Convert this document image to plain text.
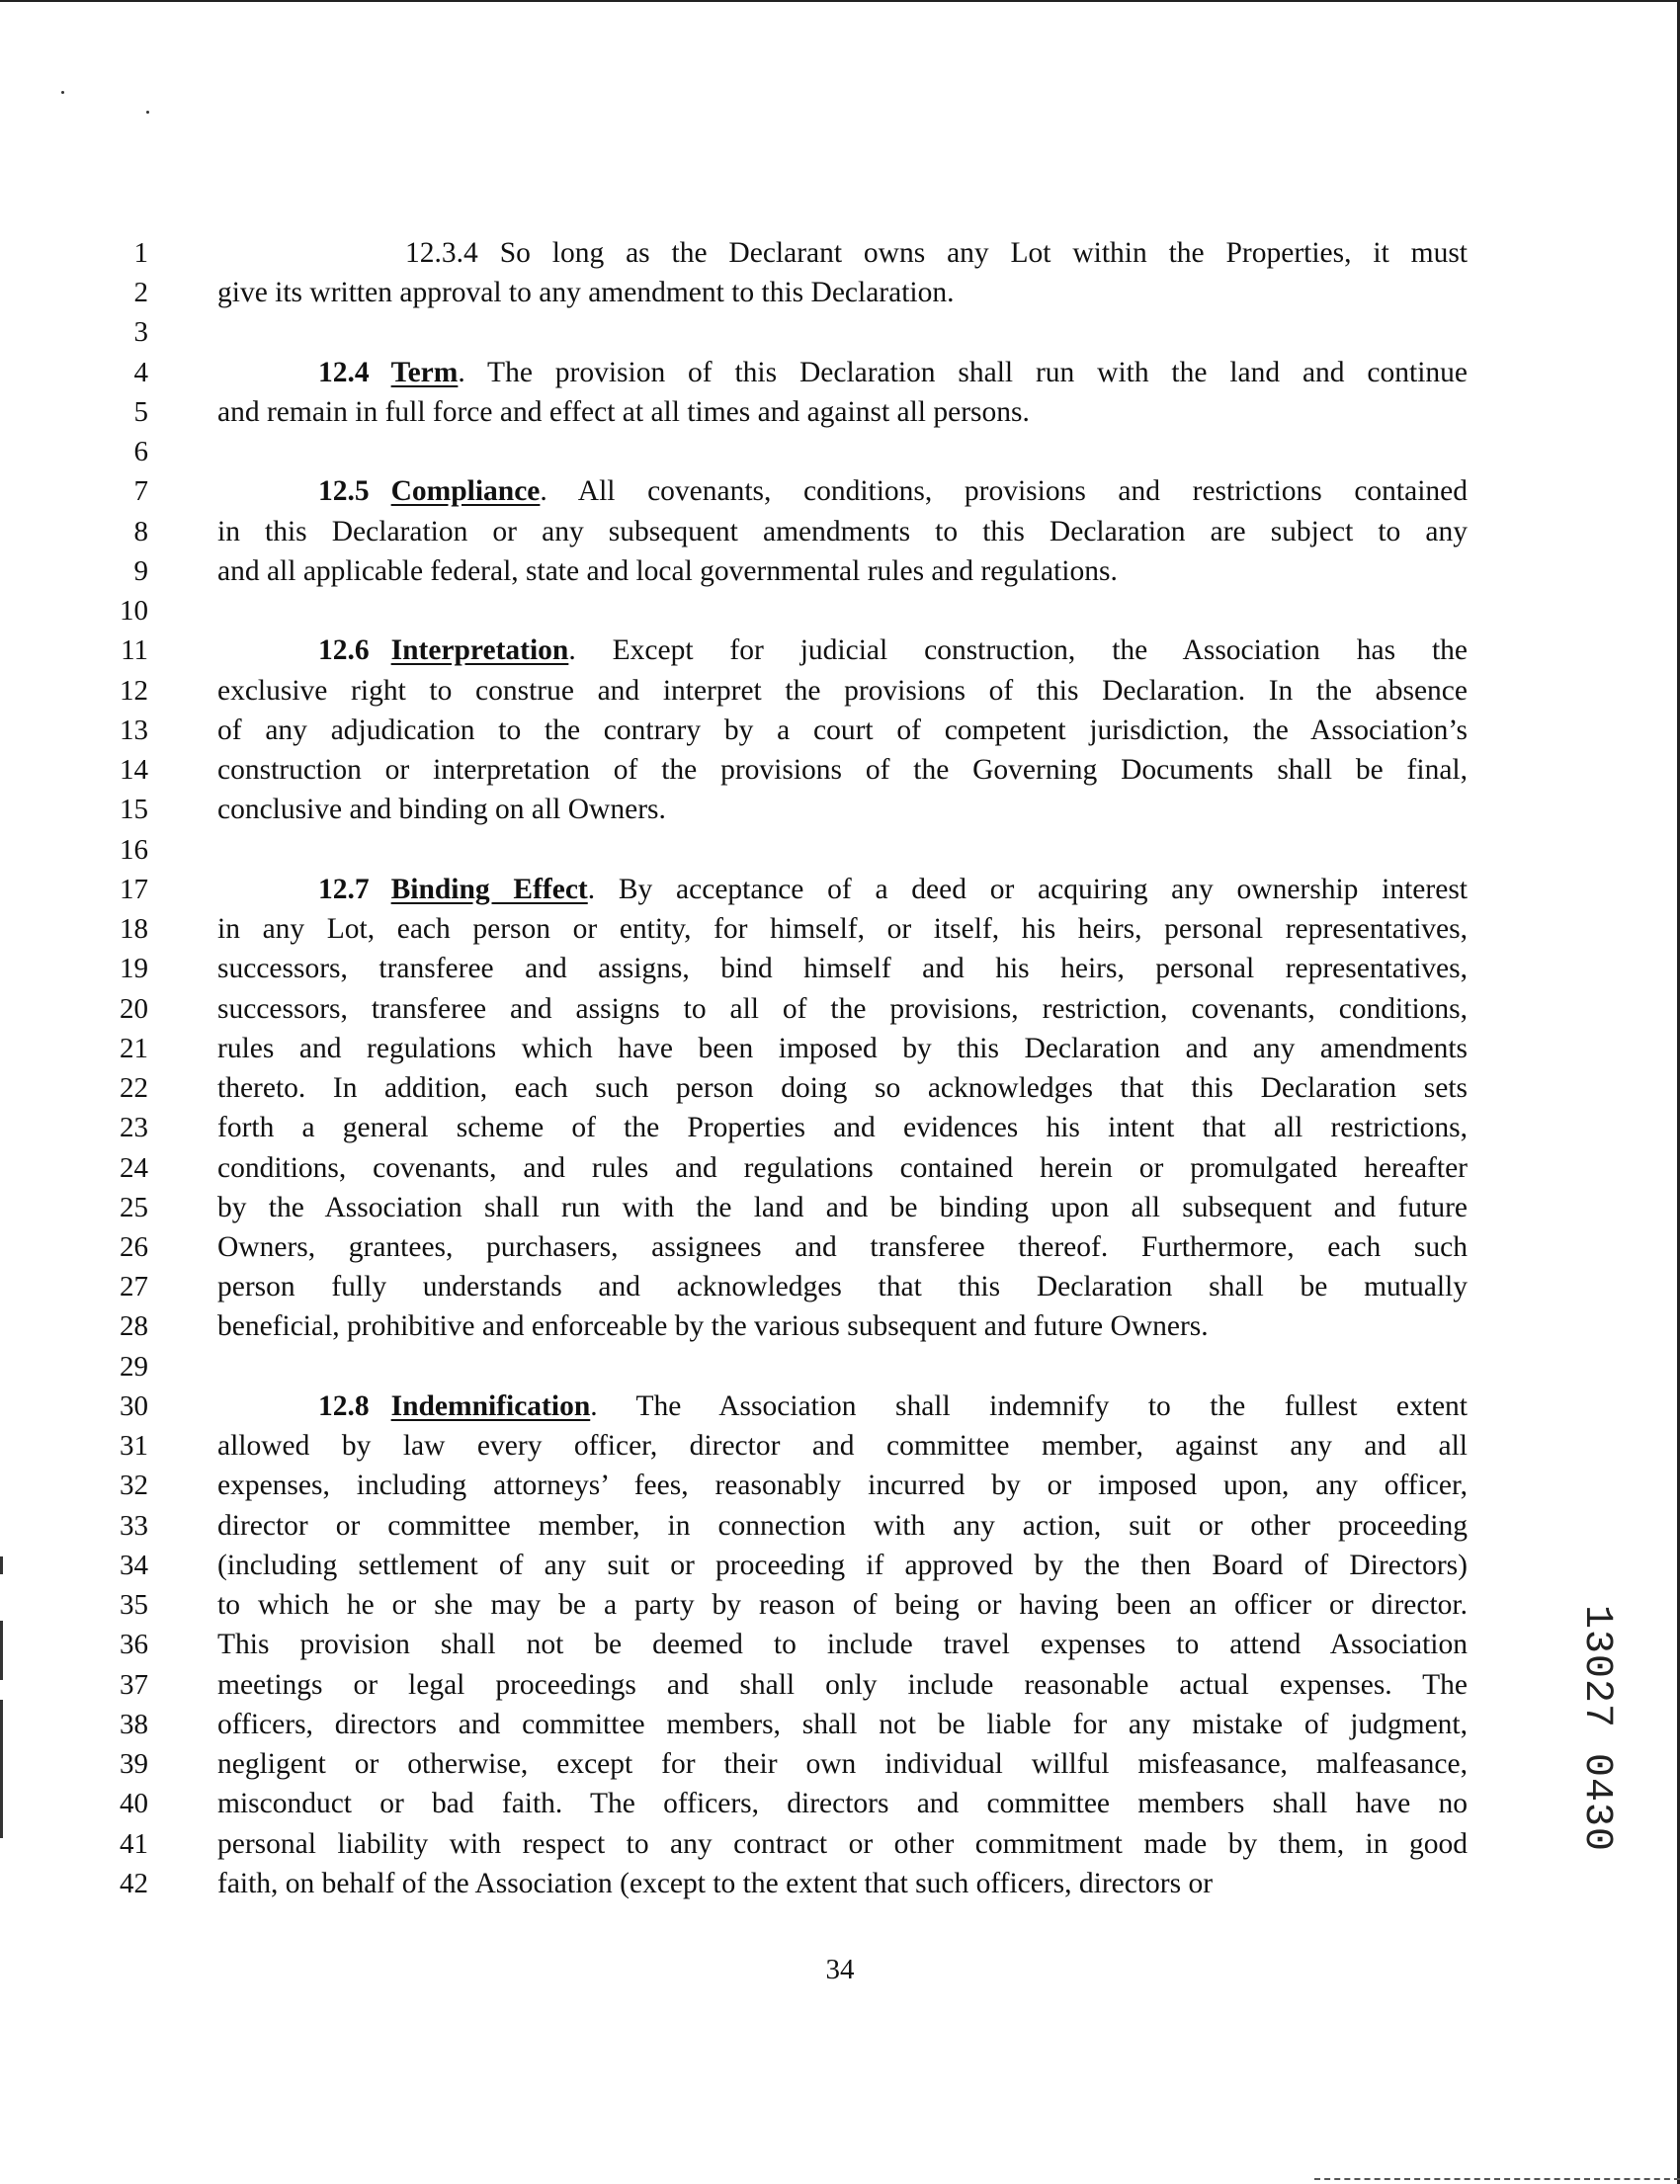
1	12.3.4 So long as the Declarant owns any Lot within the Properties, it must
2 give its written approval to any amendment to this Declaration.
3
4	12.4 Term. The provision of this Declaration shall run with the land and continue
5 and remain in full force and effect at all times and against all persons.
6
7	12.5 Compliance. All covenants, conditions, provisions and restrictions contained
8 in this Declaration or any subsequent amendments to this Declaration are subject to any
9 and all applicable federal, state and local governmental rules and regulations.
10
11	12.6 Interpretation. Except for judicial construction, the Association has the
12 exclusive right to construe and interpret the provisions of this Declaration. In the absence
13 of any adjudication to the contrary by a court of competent jurisdiction, the Association’s
14 construction or interpretation of the provisions of the Governing Documents shall be final,
15 conclusive and binding on all Owners.
16
17	12.7 Binding Effect. By acceptance of a deed or acquiring any ownership interest
18 in any Lot, each person or entity, for himself, or itself, his heirs, personal representatives,
19 successors, transferee and assigns, bind himself and his heirs, personal representatives,
20 successors, transferee and assigns to all of the provisions, restriction, covenants, conditions,
21 rules and regulations which have been imposed by this Declaration and any amendments
22 thereto. In addition, each such person doing so acknowledges that this Declaration sets
23 forth a general scheme of the Properties and evidences his intent that all restrictions,
24 conditions, covenants, and rules and regulations contained herein or promulgated hereafter
25 by the Association shall run with the land and be binding upon all subsequent and future
26 Owners, grantees, purchasers, assignees and transferee thereof. Furthermore, each such
27 person fully understands and acknowledges that this Declaration shall be mutually
28 beneficial, prohibitive and enforceable by the various subsequent and future Owners.
29
30	12.8 Indemnification. The Association shall indemnify to the fullest extent
31 allowed by law every officer, director and committee member, against any and all
32 expenses, including attorneys’ fees, reasonably incurred by or imposed upon, any officer,
33 director or committee member, in connection with any action, suit or other proceeding
34 (including settlement of any suit or proceeding if approved by the then Board of Directors)
35 to which he or she may be a party by reason of being or having been an officer or director.
36 This provision shall not be deemed to include travel expenses to attend Association
37 meetings or legal proceedings and shall only include reasonable actual expenses. The
38 officers, directors and committee members, shall not be liable for any mistake of judgment,
39 negligent or otherwise, except for their own individual willful misfeasance, malfeasance,
40 misconduct or bad faith. The officers, directors and committee members shall have no
41 personal liability with respect to any contract or other commitment made by them, in good
42 faith, on behalf of the Association (except to the extent that such officers, directors or
34
13027 0430
